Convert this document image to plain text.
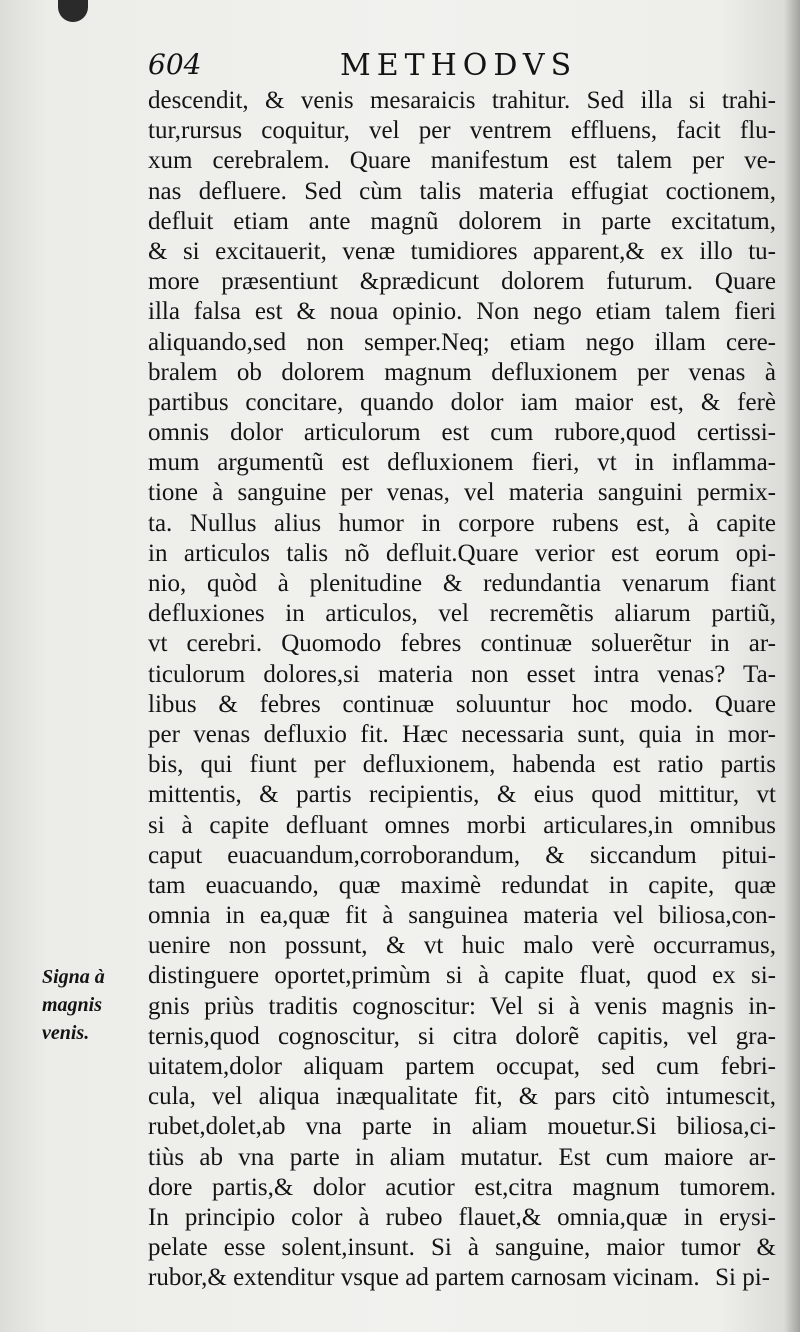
604	METHODVS
descendit, & venis mesaraicis trahitur. Sed illa si trahi-
tur,rursus coquitur, vel per ventrem effluens, facit flu-
xum cerebralem. Quare manifestum est talem per ve-
nas defluere. Sed cùm talis materia effugiat coctionem,
defluit etiam ante magnũ dolorem in parte excitatum,
& si excitauerit, venæ tumidiores apparent,& ex illo tu-
more præsentiunt &prædicunt dolorem futurum. Quare
illa falsa est & noua opinio. Non nego etiam talem fieri
aliquando,sed non semper.Neq; etiam nego illam cere-
bralem ob dolorem magnum defluxionem per venas à
partibus concitare, quando dolor iam maior est, & ferè
omnis dolor articulorum est cum rubore,quod certissi-
mum argumentũ est defluxionem fieri, vt in inflamma-
tione à sanguine per venas, vel materia sanguini permix-
ta. Nullus alius humor in corpore rubens est, à capite
in articulos talis nõ defluit.Quare verior est eorum opi-
nio, quòd à plenitudine & redundantia venarum fiant
defluxiones in articulos, vel recremẽtis aliarum partiũ,
vt cerebri. Quomodo febres continuæ soluerẽtur in ar-
ticulorum dolores,si materia non esset intra venas? Ta-
libus & febres continuæ soluuntur hoc modo. Quare
per venas defluxio fit. Hæc necessaria sunt, quia in mor-
bis, qui fiunt per defluxionem, habenda est ratio partis
mittentis, & partis recipientis, & eius quod mittitur, vt
si à capite defluant omnes morbi articulares,in omnibus
caput euacuandum,corroborandum, & siccandum pitui-
tam euacuando, quæ maximè redundat in capite, quæ
omnia in ea,quæ fit à sanguinea materia vel biliosa,con-
uenire non possunt, & vt huic malo verè occurramus,
distinguere oportet,primùm si à capite fluat, quod ex si-
gnis priùs traditis cognoscitur: Vel si à venis magnis in-
ternis,quod cognoscitur, si citra dolorẽ capitis, vel gra-
uitatem,dolor aliquam partem occupat, sed cum febri-
cula, vel aliqua inæqualitate fit, & pars citò intumescit,
rubet,dolet,ab vna parte in aliam mouetur.Si biliosa,ci-
tiùs ab vna parte in aliam mutatur. Est cum maiore ar-
dore partis,& dolor acutior est,citra magnum tumorem.
In principio color à rubeo flauet,& omnia,quæ in erysi-
pelate esse solent,insunt. Si à sanguine, maior tumor &
rubor,& extenditur vsque ad partem carnosam vicinam.
Signa à
magnis
venis.
Si pi-
